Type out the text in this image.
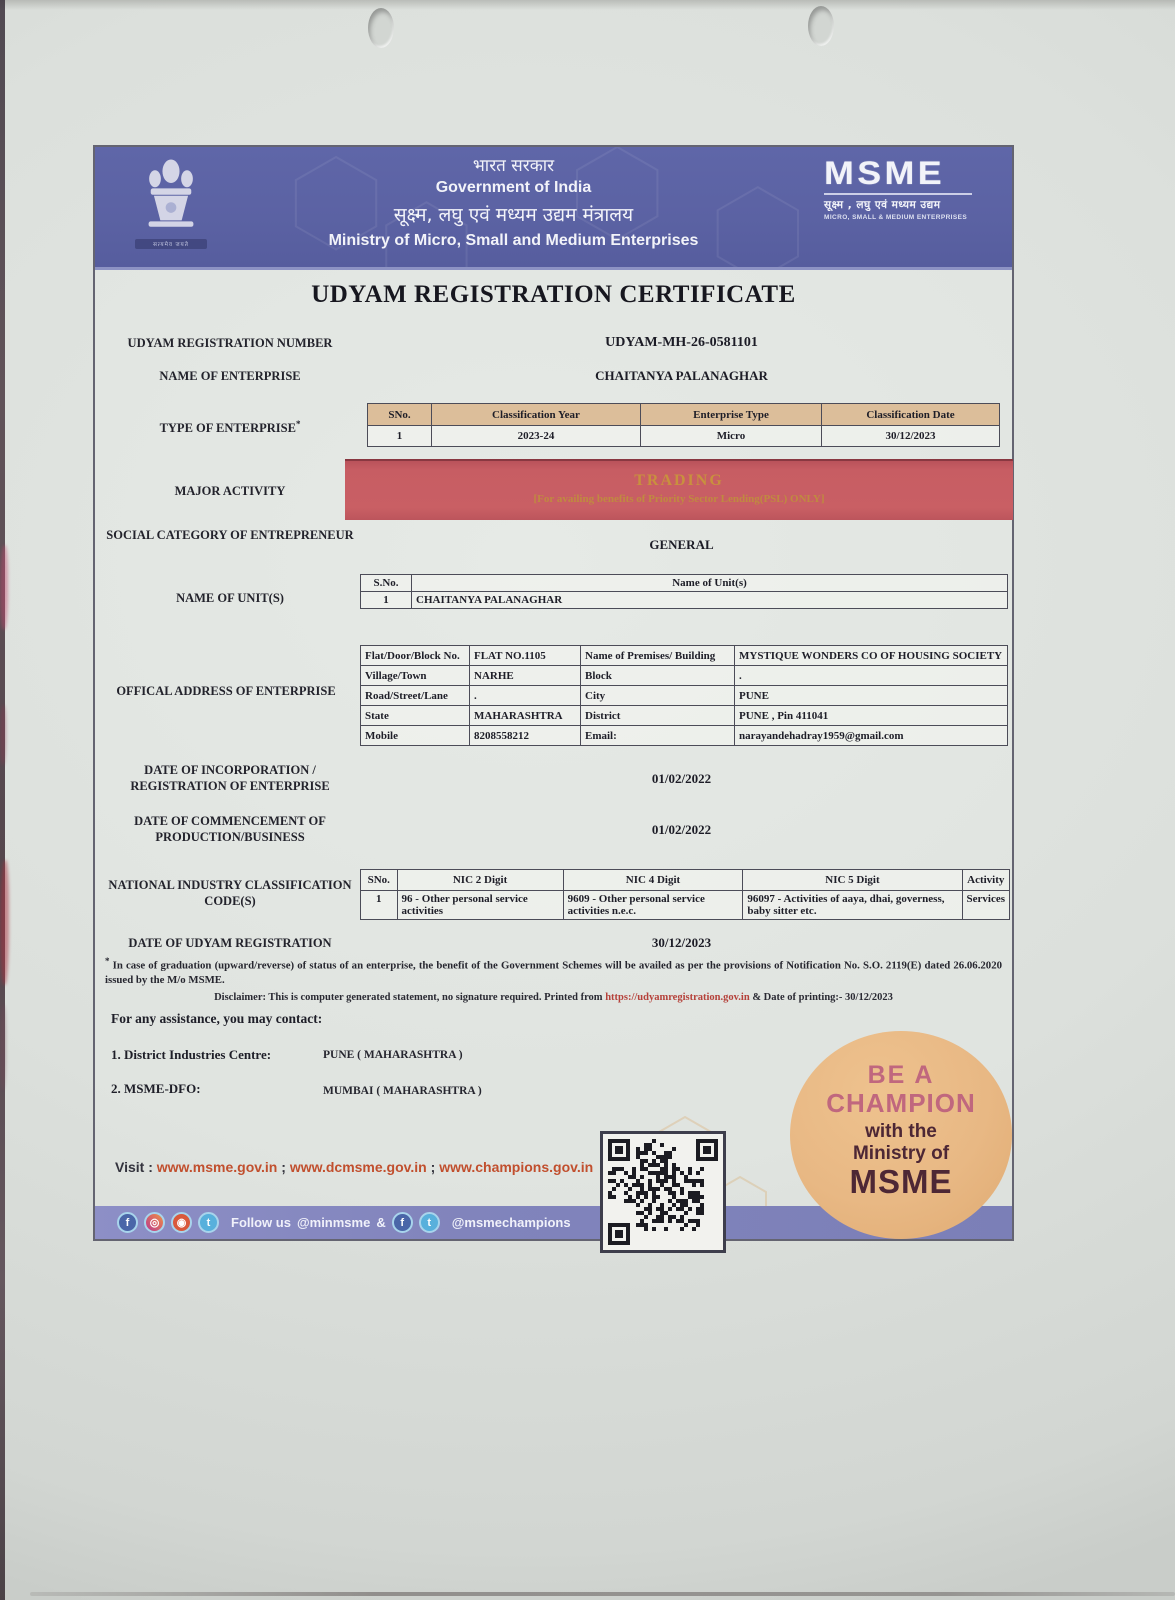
सत्यमेव जयते
भारत सरकार
Government of India
सूक्ष्म, लघु एवं मध्यम उद्यम मंत्रालय
Ministry of Micro, Small and Medium Enterprises
MSME
सूक्ष्म , लघु एवं मध्यम उद्यम
MICRO, SMALL & MEDIUM ENTERPRISES
UDYAM REGISTRATION CERTIFICATE
UDYAM REGISTRATION NUMBER	UDYAM-MH-26-0581101
NAME OF ENTERPRISE	CHAITANYA PALANAGHAR
TYPE OF ENTERPRISE*
SNo.	Classification Year	Enterprise Type	Classification Date
1	2023-24	Micro	30/12/2023
MAJOR ACTIVITY
TRADING
[For availing benefits of Priority Sector Lending(PSL) ONLY]
SOCIAL CATEGORY OF ENTREPRENEUR
GENERAL
NAME OF UNIT(S)
S.No.	Name of Unit(s)
1	CHAITANYA PALANAGHAR
OFFICAL ADDRESS OF ENTERPRISE
Flat/Door/Block No.	FLAT NO.1105	Name of Premises/ Building	MYSTIQUE WONDERS CO OF HOUSING SOCIETY
Village/Town	NARHE	Block	.
Road/Street/Lane	.	City	PUNE
State	MAHARASHTRA	District	PUNE , Pin 411041
Mobile	8208558212	Email:	narayandehadray1959@gmail.com
DATE OF INCORPORATION / REGISTRATION OF ENTERPRISE
01/02/2022
DATE OF COMMENCEMENT OF PRODUCTION/BUSINESS
01/02/2022
NATIONAL INDUSTRY CLASSIFICATION CODE(S)
SNo.	NIC 2 Digit	NIC 4 Digit	NIC 5 Digit	Activity
1	96 - Other personal service activities	9609 - Other personal service activities n.e.c.	96097 - Activities of aaya, dhai, governess, baby sitter etc.	Services
DATE OF UDYAM REGISTRATION	30/12/2023
* In case of graduation (upward/reverse) of status of an enterprise, the benefit of the Government Schemes will be availed as per the provisions of Notification No. S.O. 2119(E) dated 26.06.2020 issued by the M/o MSME.
Disclaimer: This is computer generated statement, no signature required. Printed from https://udyamregistration.gov.in & Date of printing:- 30/12/2023
For any assistance, you may contact:
1. District Industries Centre:	PUNE ( MAHARASHTRA )
2. MSME-DFO:	MUMBAI ( MAHARASHTRA )
Visit : www.msme.gov.in ; www.dcmsme.gov.in ; www.champions.gov.in
f	◎	◉	t	Follow us @minmsme &	f	t	@msmechampions
BE A
CHAMPION
with the
Ministry of
MSME
